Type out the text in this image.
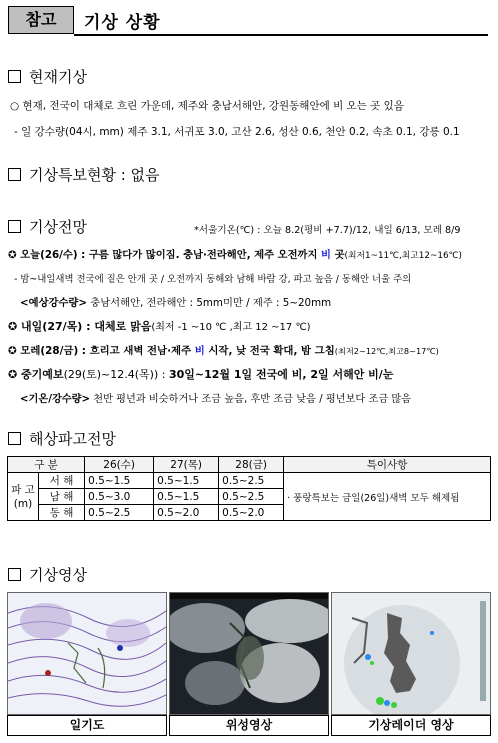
참고	기상 상황
현재기상
○ 현재, 전국이 대체로 흐린 가운데, 제주와 충남서해안, 강원동해안에 비 오는 곳 있음
- 일 강수량(04시, mm) 제주 3.1, 서귀포 3.0, 고산 2.6, 성산 0.6, 천안 0.2, 속초 0.1, 강릉 0.1
기상특보현황 : 없음
기상전망	*서울기온(℃) : 오늘 8.2(평비 +7.7)/12, 내일 6/13, 모레 8/9
✪ 오늘(26/수) : 구름 많다가 많이짐. 충남·전라해안, 제주 오전까지 비 곳(최저1~11℃,최고12~16℃)
- 밤~내일새벽 전국에 짙은 안개 곳 / 오전까지 동해와 남해 바람 강, 파고 높음 / 동해안 너울 주의
<예상강수량> 충남서해안, 전라해안 : 5mm미만 / 제주 : 5~20mm
✪ 내일(27/목) : 대체로 맑음(최저 -1 ~10 ℃ ,최고 12 ~17 ℃)
✪ 모레(28/금) : 흐리고 새벽 전남·제주 비 시작, 낮 전국 확대, 밤 그침(최저2~12℃,최고8~17℃)
✪ 중기예보(29(토)~12.4(목)) : 30일~12월 1일 전국에 비, 2일 서해안 비/눈
<기온/강수량> 천반 평년과 비슷하거나 조금 높음, 후반 조금 낮음 / 평년보다 조금 많음
해상파고전망
구 분		26(수)	27(목)	28(금)	특이사항
파 고
(m)	서 해	0.5~1.5	0.5~1.5	0.5~2.5	· 풍랑특보는 금일(26일)새벽 모두 해제됨
	남 해	0.5~3.0	0.5~1.5	0.5~2.5	
	동 해	0.5~2.5	0.5~2.0	0.5~2.0	
기상영상
일기도	위성영상	기상레이더 영상
